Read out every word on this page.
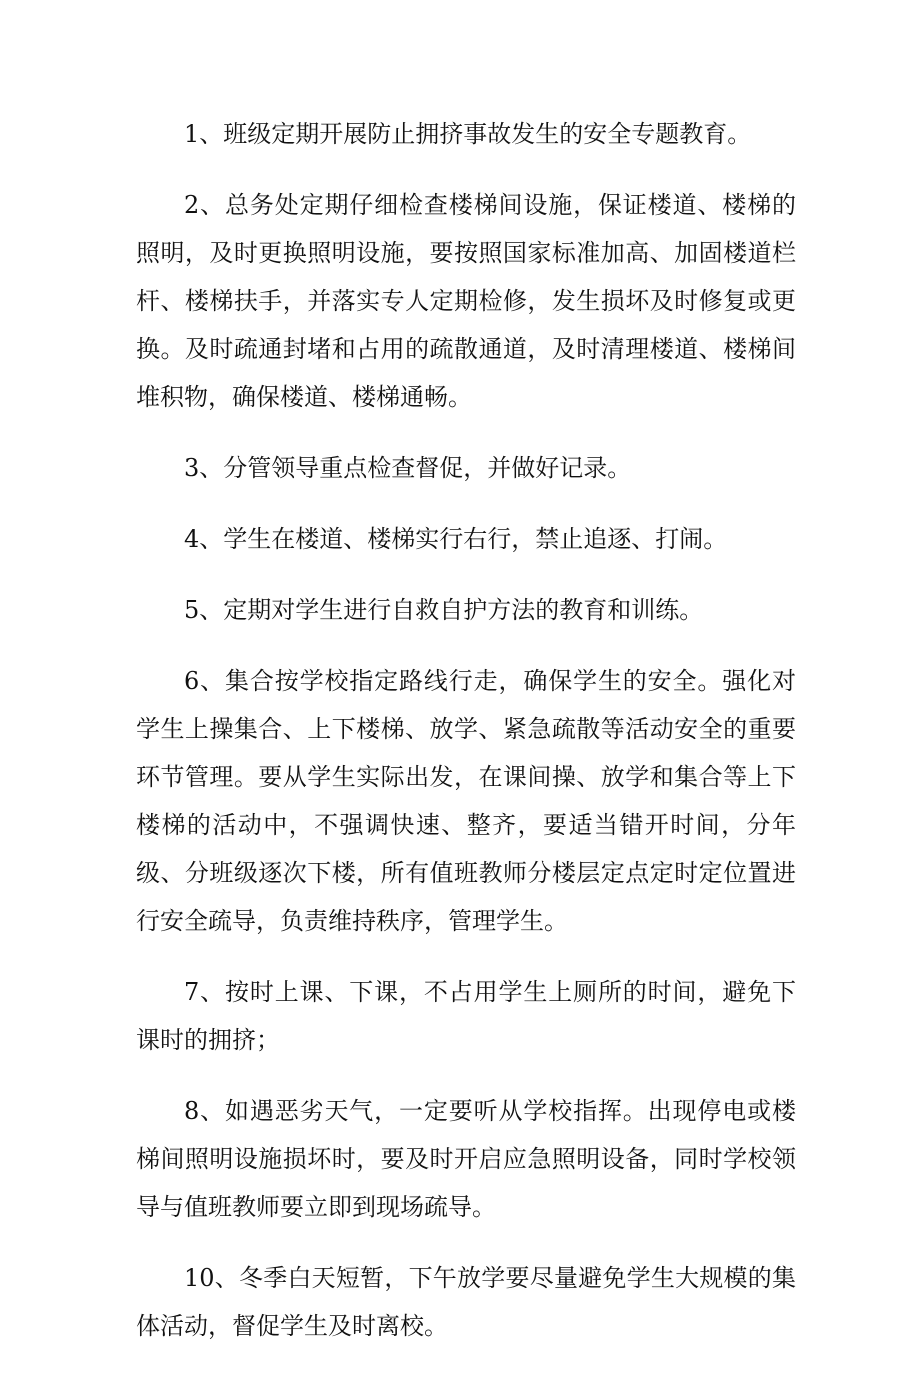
1、班级定期开展防止拥挤事故发生的安全专题教育。

2、总务处定期仔细检查楼梯间设施，保证楼道、楼梯的照明，及时更换照明设施，要按照国家标准加高、加固楼道栏杆、楼梯扶手，并落实专人定期检修，发生损坏及时修复或更换。及时疏通封堵和占用的疏散通道，及时清理楼道、楼梯间堆积物，确保楼道、楼梯通畅。

3、分管领导重点检查督促，并做好记录。

4、学生在楼道、楼梯实行右行，禁止追逐、打闹。

5、定期对学生进行自救自护方法的教育和训练。

6、集合按学校指定路线行走，确保学生的安全。强化对学生上操集合、上下楼梯、放学、紧急疏散等活动安全的重要环节管理。要从学生实际出发，在课间操、放学和集合等上下楼梯的活动中，不强调快速、整齐，要适当错开时间，分年级、分班级逐次下楼，所有值班教师分楼层定点定时定位置进行安全疏导，负责维持秩序，管理学生。

7、按时上课、下课，不占用学生上厕所的时间，避免下课时的拥挤；

8、如遇恶劣天气，一定要听从学校指挥。出现停电或楼梯间照明设施损坏时，要及时开启应急照明设备，同时学校领导与值班教师要立即到现场疏导。

10、冬季白天短暂，下午放学要尽量避免学生大规模的集体活动，督促学生及时离校。
